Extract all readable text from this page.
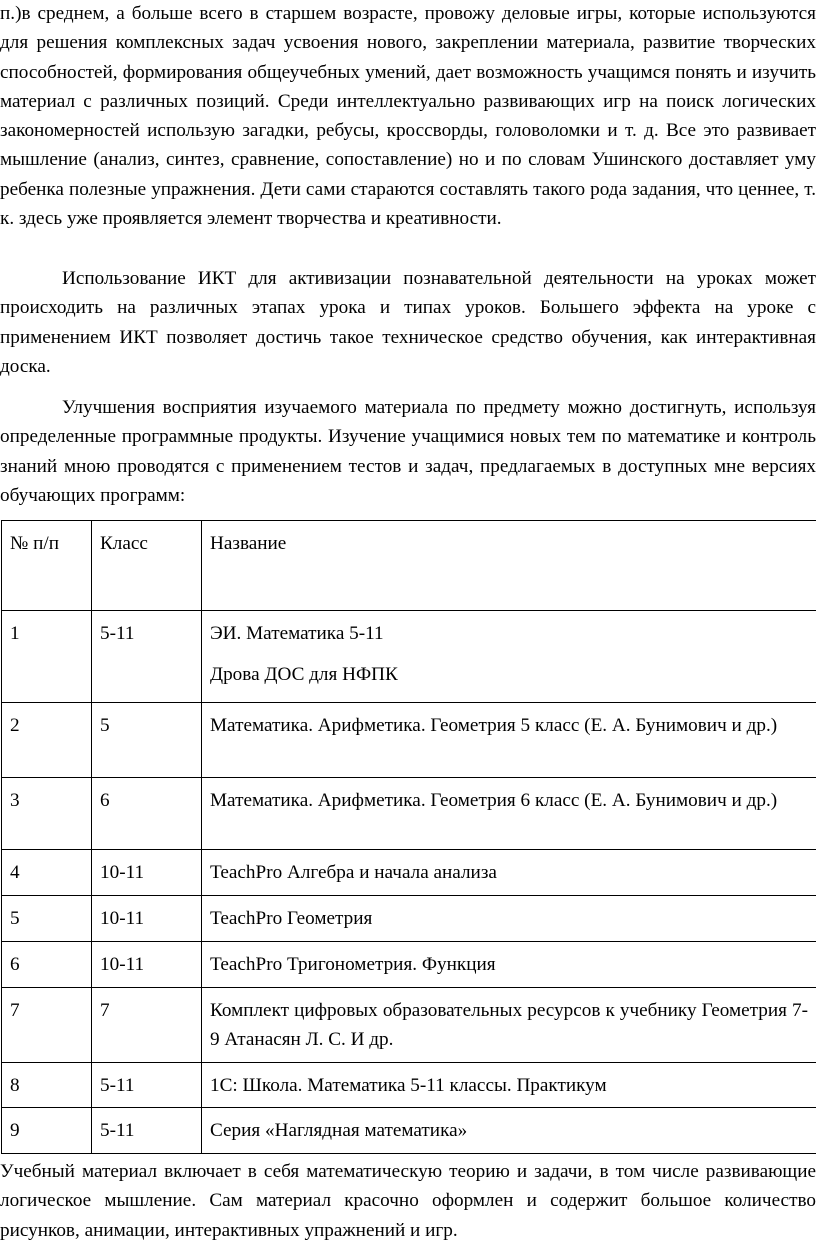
п.)в среднем, а больше всего в старшем возрасте, провожу деловые игры, которые используются для решения комплексных задач усвоения нового, закреплении материала, развитие творческих способностей, формирования общеучебных умений, дает возможность учащимся понять и изучить материал с различных позиций. Среди интеллектуально развивающих игр на поиск логических закономерностей использую загадки, ребусы, кроссворды, головоломки и т. д. Все это развивает мышление (анализ, синтез, сравнение, сопоставление) но и по словам Ушинского доставляет уму ребенка полезные упражнения. Дети сами стараются составлять такого рода задания, что ценнее, т. к. здесь уже проявляется элемент творчества и креативности.

Использование ИКТ для активизации познавательной деятельности на уроках может происходить на различных этапах урока и типах уроков. Большего эффекта на уроке с применением ИКТ позволяет достичь такое техническое средство обучения, как интерактивная доска.

Улучшения восприятия изучаемого материала по предмету можно достигнуть, используя определенные программные продукты. Изучение учащимися новых тем по математике и контроль знаний мною проводятся с применением тестов и задач, предлагаемых в доступных мне версиях обучающих программ:

№ п/п	Класс	Название
1	5-11	ЭИ. Математика 5-11
Дрова ДОС для НФПК

2	5	Математика. Арифметика. Геометрия 5 класс (Е. А. Бунимович и др.)
3	6	Математика. Арифметика. Геометрия 6 класс (Е. А. Бунимович и др.)
4	10-11	TeachPro Алгебра и начала анализа
5	10-11	TeachPro Геометрия
6	10-11	TeachPro Тригонометрия. Функция
7	7	Комплект цифровых образовательных ресурсов к учебнику Геометрия 7-9 Атанасян Л. С. И др.
8	5-11	1С: Школа. Математика 5-11 классы. Практикум
9	5-11	Серия «Наглядная математика»

Учебный материал включает в себя математическую теорию и задачи, в том числе развивающие логическое мышление. Сам материал красочно оформлен и содержит большое количество рисунков, анимации, интерактивных упражнений и игр.
